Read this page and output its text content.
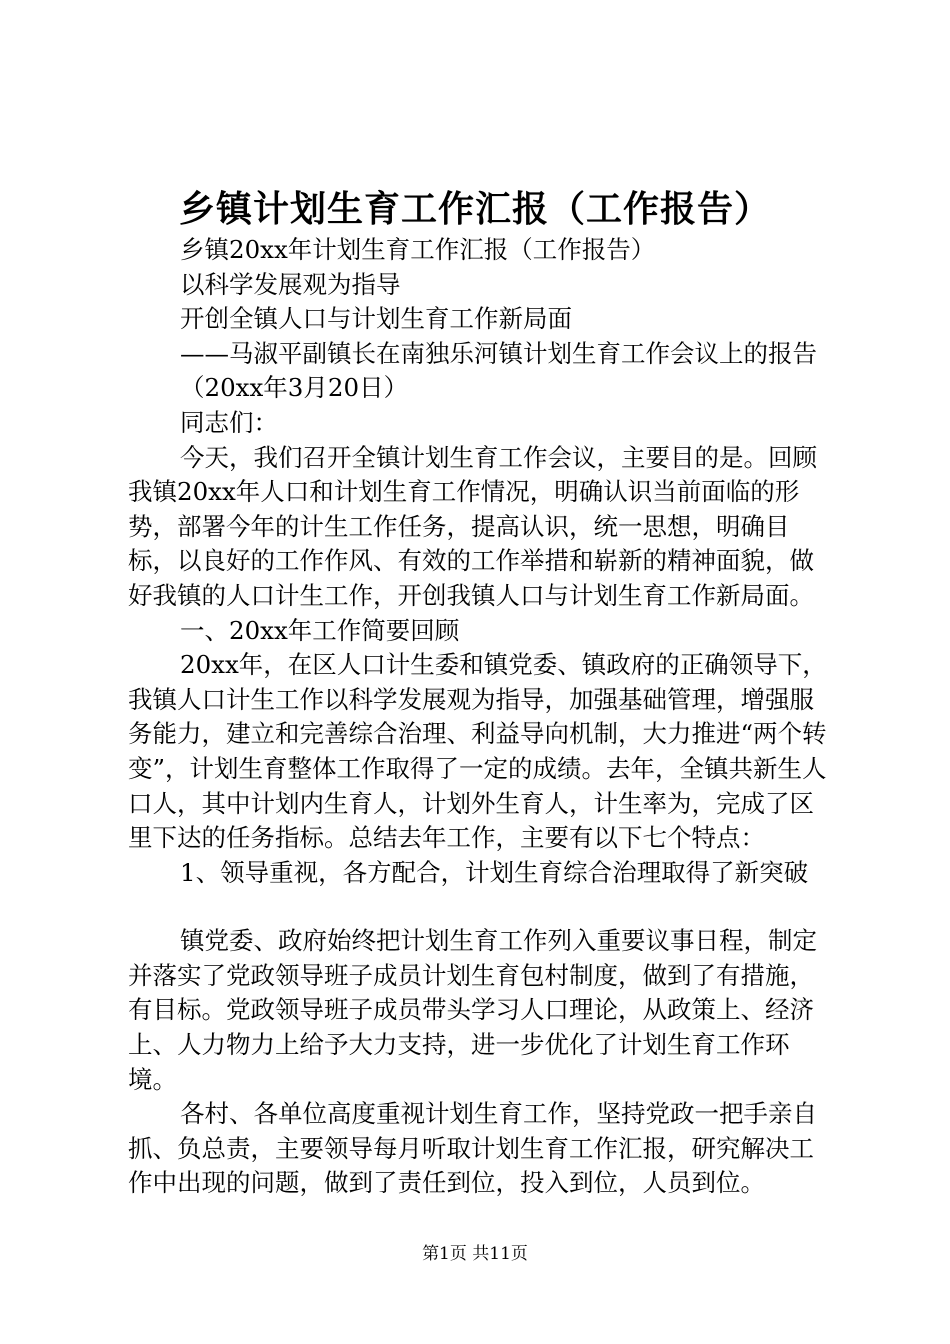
乡镇计划生育工作汇报（工作报告）

乡镇20xx年计划生育工作汇报（工作报告）

以科学发展观为指导

开创全镇人口与计划生育工作新局面

——马淑平副镇长在南独乐河镇计划生育工作会议上的报告

（20xx年3月20日）

同志们：

今天，我们召开全镇计划生育工作会议，主要目的是。回顾我镇20xx年人口和计划生育工作情况，明确认识当前面临的形势，部署今年的计生工作任务，提高认识，统一思想，明确目标，以良好的工作作风、有效的工作举措和崭新的精神面貌，做好我镇的人口计生工作，开创我镇人口与计划生育工作新局面。

一、20xx年工作简要回顾

20xx年，在区人口计生委和镇党委、镇政府的正确领导下，我镇人口计生工作以科学发展观为指导，加强基础管理，增强服务能力，建立和完善综合治理、利益导向机制，大力推进“两个转变”，计划生育整体工作取得了一定的成绩。去年，全镇共新生人口人，其中计划内生育人，计划外生育人，计生率为，完成了区里下达的任务指标。总结去年工作，主要有以下七个特点：

1、领导重视，各方配合，计划生育综合治理取得了新突破

镇党委、政府始终把计划生育工作列入重要议事日程，制定并落实了党政领导班子成员计划生育包村制度，做到了有措施，有目标。党政领导班子成员带头学习人口理论，从政策上、经济上、人力物力上给予大力支持，进一步优化了计划生育工作环境。

各村、各单位高度重视计划生育工作，坚持党政一把手亲自抓、负总责，主要领导每月听取计划生育工作汇报，研究解决工作中出现的问题，做到了责任到位，投入到位，人员到位。

第1页 共11页
